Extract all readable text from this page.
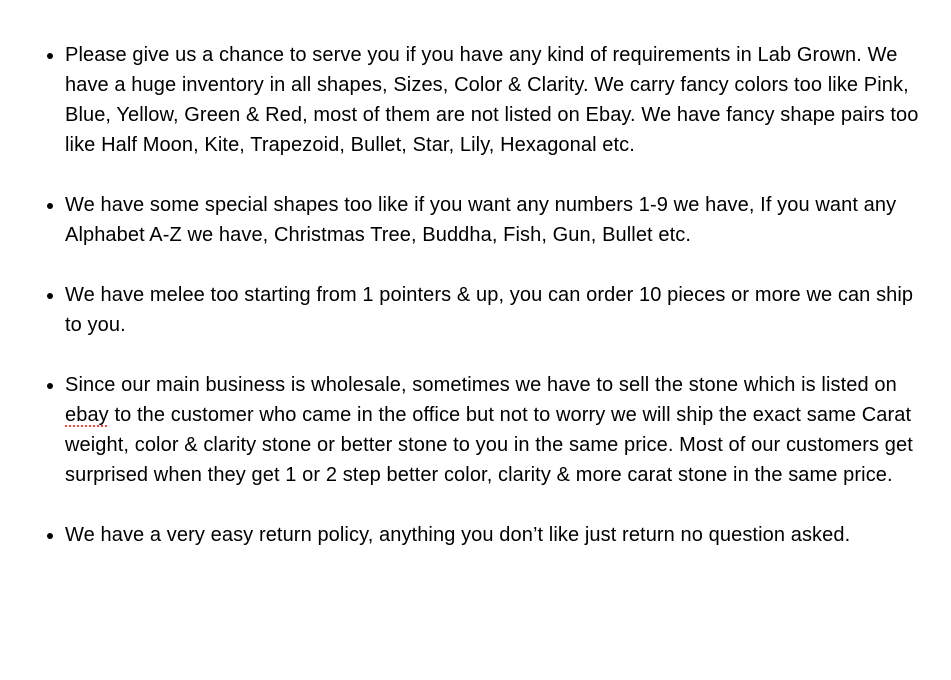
• Please give us a chance to serve you if you have any kind of requirements in Lab Grown. We have a huge inventory in all shapes, Sizes, Color & Clarity. We carry fancy colors too like Pink, Blue, Yellow, Green & Red, most of them are not listed on Ebay. We have fancy shape pairs too like Half Moon, Kite, Trapezoid, Bullet, Star, Lily, Hexagonal etc.
• We have some special shapes too like if you want any numbers 1-9 we have, If you want any Alphabet A-Z we have, Christmas Tree, Buddha, Fish, Gun, Bullet etc.
• We have melee too starting from 1 pointers & up, you can order 10 pieces or more we can ship to you.
• Since our main business is wholesale, sometimes we have to sell the stone which is listed on ebay to the customer who came in the office but not to worry we will ship the exact same Carat weight, color & clarity stone or better stone to you in the same price. Most of our customers get surprised when they get 1 or 2 step better color, clarity & more carat stone in the same price.
• We have a very easy return policy, anything you don’t like just return no question asked.
